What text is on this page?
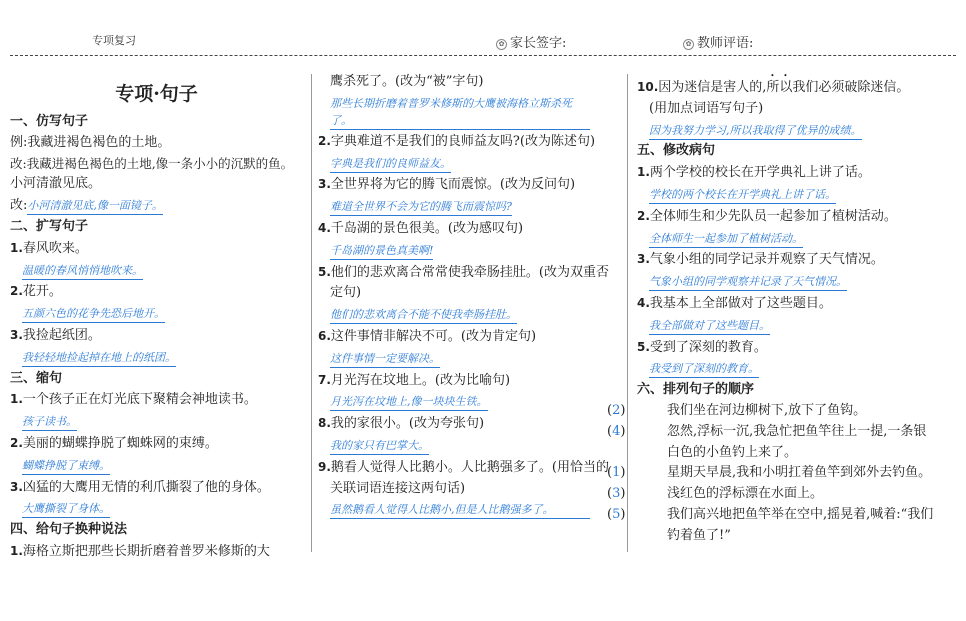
专项复习	✿ 家长签字:	✿ 教师评语:
专项·句子
一、仿写句子
例:我藏进褐色褐色的土地。
改:我藏进褐色褐色的土地,像一条小小的沉默的鱼。
小河清澈见底。
改:小河清澈见底,像一面镜子。
二、扩写句子
1.春风吹来。
温暖的春风悄悄地吹来。
2.花开。
五颜六色的花争先恐后地开。
3.我捡起纸团。
我轻轻地捡起掉在地上的纸团。
三、缩句
1.一个孩子正在灯光底下聚精会神地读书。
孩子读书。
2.美丽的蝴蝶挣脱了蜘蛛网的束缚。
蝴蝶挣脱了束缚。
3.凶猛的大鹰用无情的利爪撕裂了他的身体。
大鹰撕裂了身体。
四、给句子换种说法
1.海格立斯把那些长期折磨着普罗米修斯的大
鹰杀死了。(改为“被”字句)
那些长期折磨着普罗米修斯的大鹰被海格立斯杀死了。
2.字典难道不是我们的良师益友吗?(改为陈述句)
字典是我们的良师益友。
3.全世界将为它的腾飞而震惊。(改为反问句)
难道全世界不会为它的腾飞而震惊吗?
4.千岛湖的景色很美。(改为感叹句)
千岛湖的景色真美啊!
5.他们的悲欢离合常常使我牵肠挂肚。(改为双重否定句)
他们的悲欢离合不能不使我牵肠挂肚。
6.这件事情非解决不可。(改为肯定句)
这件事情一定要解决。
7.月光泻在坟地上。(改为比喻句)
月光泻在坟地上,像一块块生铁。
8.我的家很小。(改为夸张句)
我的家只有巴掌大。
9.鹅看人觉得人比鹅小。人比鹅强多了。(用恰当的关联词语连接这两句话)
虽然鹅看人觉得人比鹅小,但是人比鹅强多了。
10.因为迷信是害人的,所以我们必须破除迷信。
(用加点词语写句子)
因为我努力学习,所以我取得了优异的成绩。
五、修改病句
1.两个学校的校长在开学典礼上讲了话。
学校的两个校长在开学典礼上讲了话。
2.全体师生和少先队员一起参加了植树活动。
全体师生一起参加了植树活动。
3.气象小组的同学记录并观察了天气情况。
气象小组的同学观察并记录了天气情况。
4.我基本上全部做对了这些题目。
我全部做对了这些题目。
5.受到了深刻的教育。
我受到了深刻的教育。
六、排列句子的顺序
(2)	我们坐在河边柳树下,放下了鱼钩。
(4)	忽然,浮标一沉,我急忙把鱼竿往上一提,一条银白色的小鱼钓上来了。
(1)	星期天早晨,我和小明扛着鱼竿到郊外去钓鱼。
(3)	浅红色的浮标漂在水面上。
(5)	我们高兴地把鱼竿举在空中,摇晃着,喊着:“我们钓着鱼了!”
